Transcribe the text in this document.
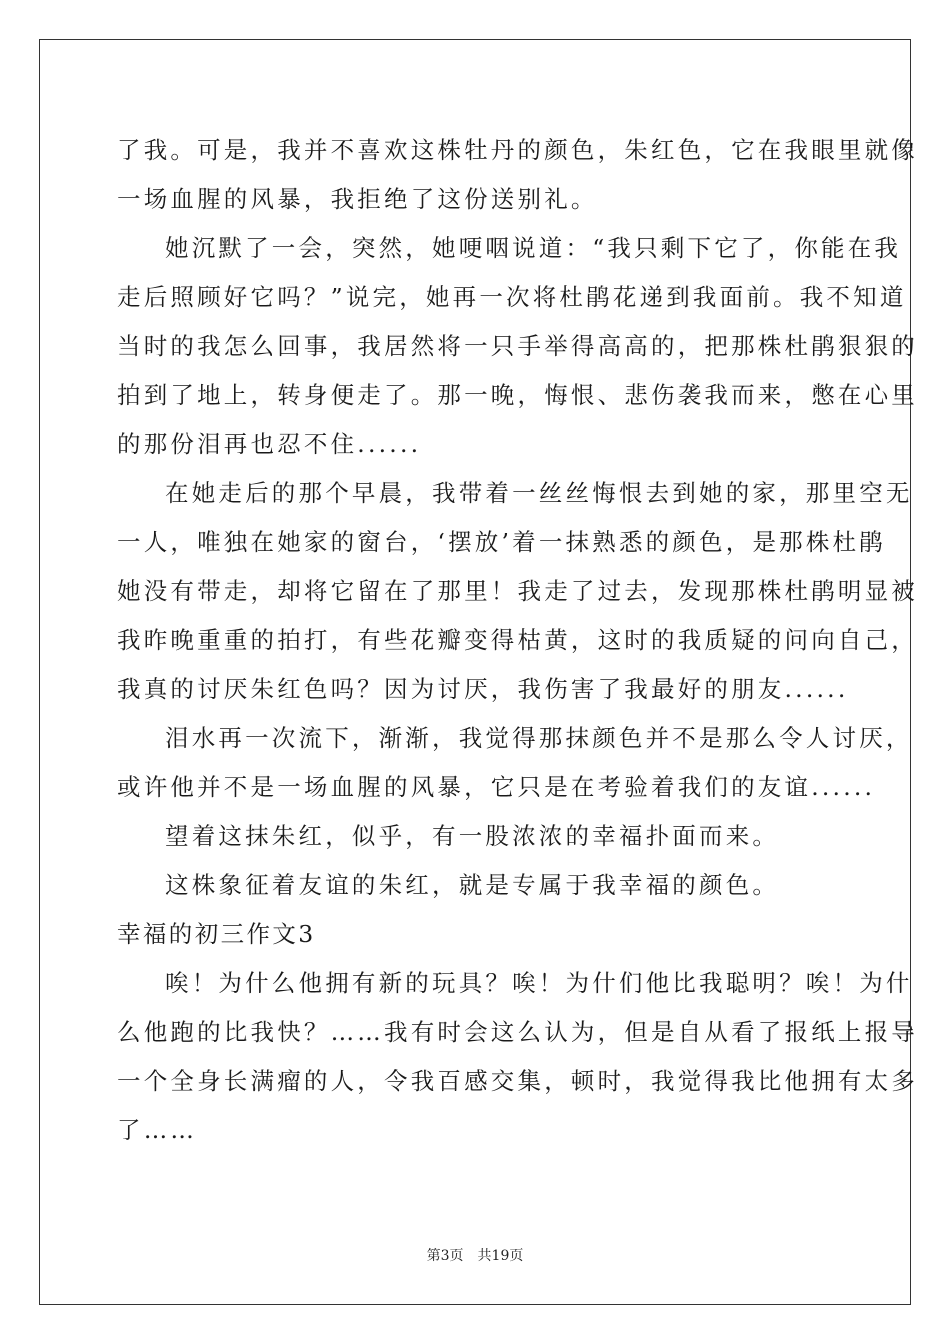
了我。可是，我并不喜欢这株牡丹的颜色，朱红色，它在我眼里就像
一场血腥的风暴，我拒绝了这份送别礼。
她沉默了一会，突然，她哽咽说道：“我只剩下它了，你能在我
走后照顾好它吗？”说完，她再一次将杜鹃花递到我面前。我不知道
当时的我怎么回事，我居然将一只手举得高高的，把那株杜鹃狠狠的
拍到了地上，转身便走了。那一晚，悔恨、悲伤袭我而来，憋在心里
的那份泪再也忍不住......
在她走后的那个早晨，我带着一丝丝悔恨去到她的家，那里空无
一人，唯独在她家的窗台，‘摆放’着一抹熟悉的颜色，是那株杜鹃
她没有带走，却将它留在了那里！我走了过去，发现那株杜鹃明显被
我昨晚重重的拍打，有些花瓣变得枯黄，这时的我质疑的问向自己，
我真的讨厌朱红色吗？因为讨厌，我伤害了我最好的朋友......
泪水再一次流下，渐渐，我觉得那抹颜色并不是那么令人讨厌，
或许他并不是一场血腥的风暴，它只是在考验着我们的友谊......
望着这抹朱红，似乎，有一股浓浓的幸福扑面而来。
这株象征着友谊的朱红，就是专属于我幸福的颜色。
幸福的初三作文3
唉！为什么他拥有新的玩具？唉！为什们他比我聪明？唉！为什
么他跑的比我快？……我有时会这么认为，但是自从看了报纸上报导
一个全身长满瘤的人，令我百感交集，顿时，我觉得我比他拥有太多
了……
第3页　共19页
